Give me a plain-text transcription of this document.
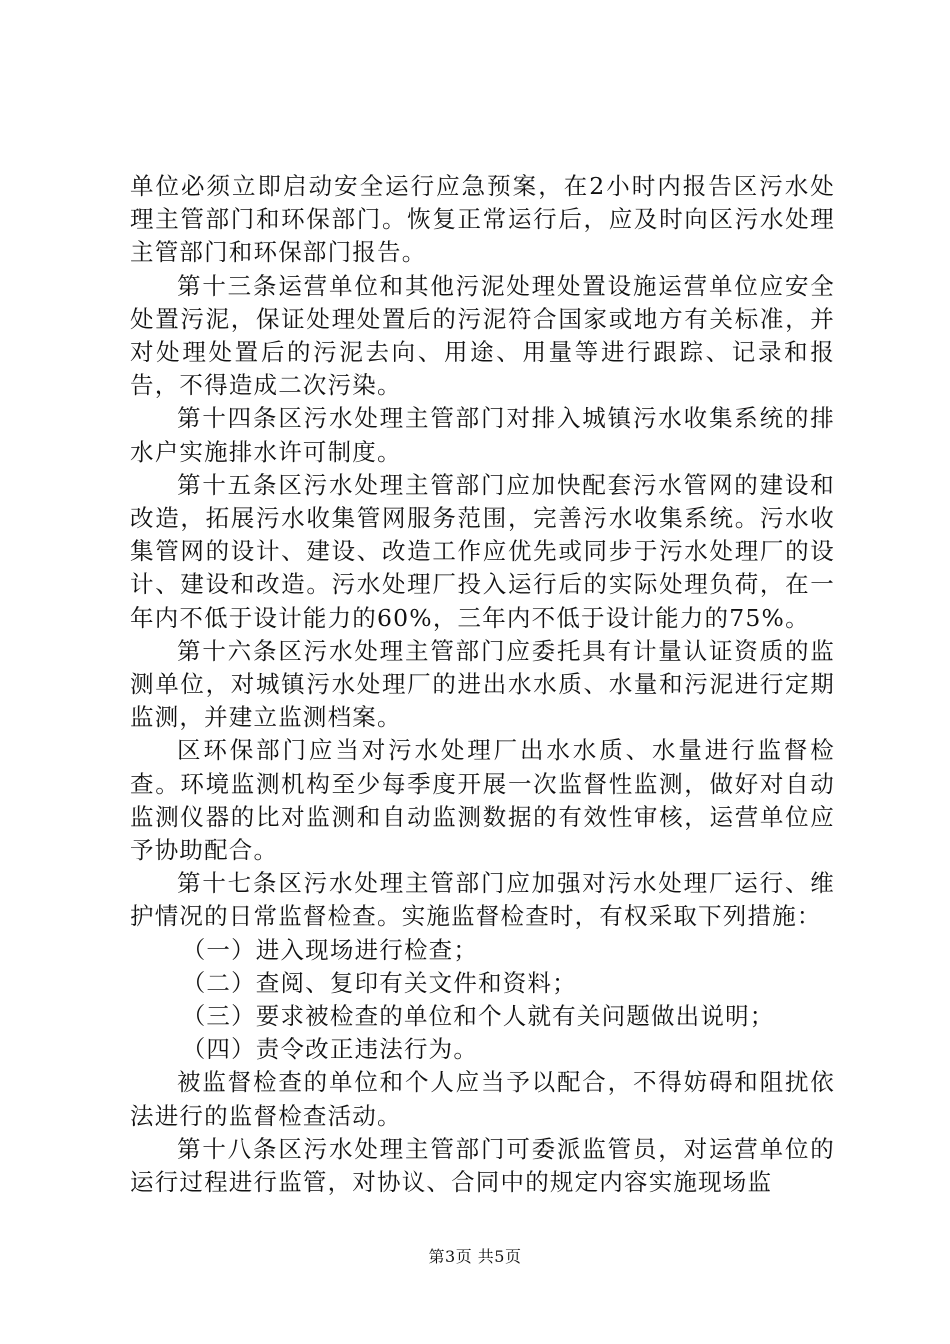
单位必须立即启动安全运行应急预案，在2小时内报告区污水处理主管部门和环保部门。恢复正常运行后，应及时向区污水处理主管部门和环保部门报告。

第十三条运营单位和其他污泥处理处置设施运营单位应安全处置污泥，保证处理处置后的污泥符合国家或地方有关标准，并对处理处置后的污泥去向、用途、用量等进行跟踪、记录和报告，不得造成二次污染。

第十四条区污水处理主管部门对排入城镇污水收集系统的排水户实施排水许可制度。

第十五条区污水处理主管部门应加快配套污水管网的建设和改造，拓展污水收集管网服务范围，完善污水收集系统。污水收集管网的设计、建设、改造工作应优先或同步于污水处理厂的设计、建设和改造。污水处理厂投入运行后的实际处理负荷，在一年内不低于设计能力的60%，三年内不低于设计能力的75%。

第十六条区污水处理主管部门应委托具有计量认证资质的监测单位，对城镇污水处理厂的进出水水质、水量和污泥进行定期监测，并建立监测档案。

区环保部门应当对污水处理厂出水水质、水量进行监督检查。环境监测机构至少每季度开展一次监督性监测，做好对自动监测仪器的比对监测和自动监测数据的有效性审核，运营单位应予协助配合。

第十七条区污水处理主管部门应加强对污水处理厂运行、维护情况的日常监督检查。实施监督检查时，有权采取下列措施：

（一）进入现场进行检查；

（二）查阅、复印有关文件和资料；

（三）要求被检查的单位和个人就有关问题做出说明；

（四）责令改正违法行为。

被监督检查的单位和个人应当予以配合，不得妨碍和阻扰依法进行的监督检查活动。

第十八条区污水处理主管部门可委派监管员，对运营单位的运行过程进行监管，对协议、合同中的规定内容实施现场监

第3页 共5页
